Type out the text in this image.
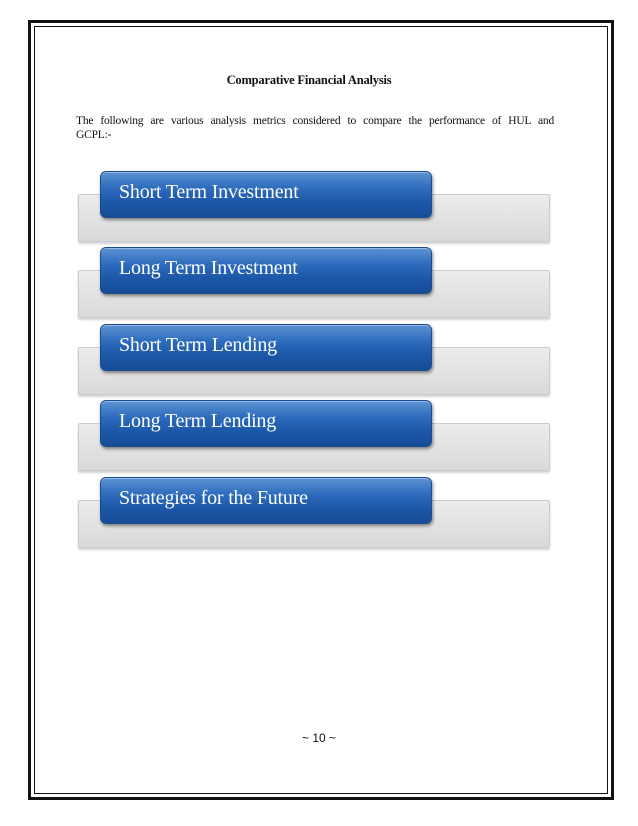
Comparative Financial Analysis
The following are various analysis metrics considered to compare the performance of HUL and GCPL:-
Short Term Investment
Long Term Investment
Short Term Lending
Long Term Lending
Strategies for the Future
~ 10 ~
